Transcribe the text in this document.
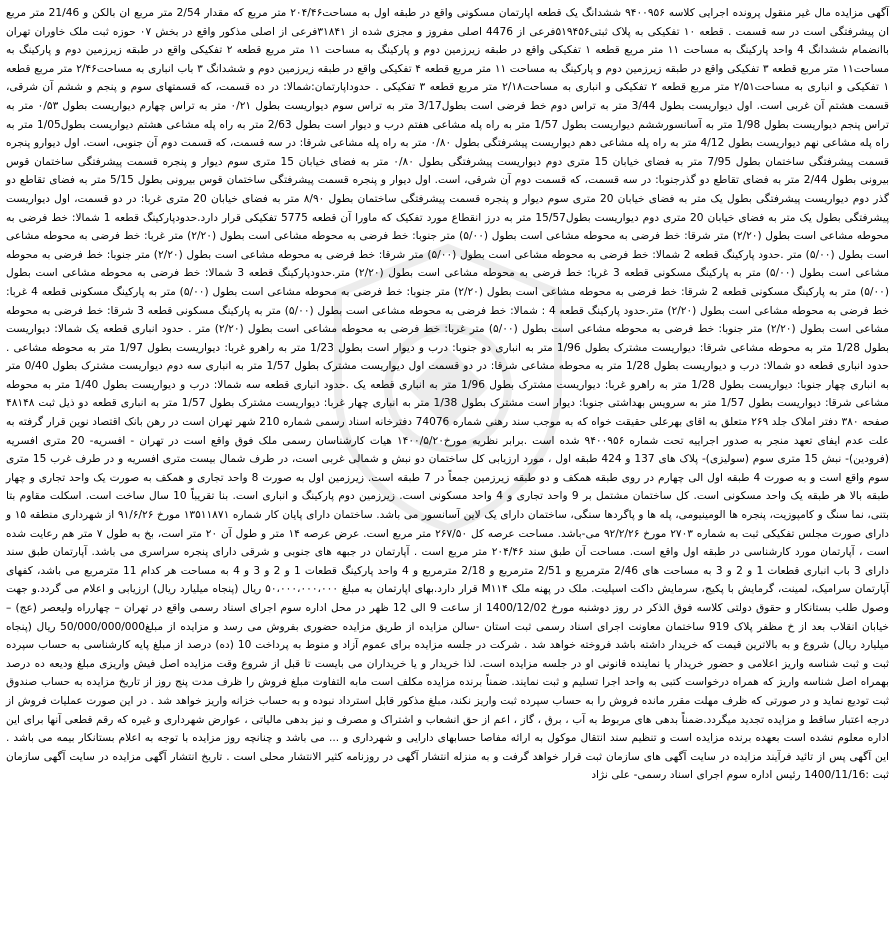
آگهی مزایده مال غیر منقول پرونده اجرایی کلاسه ۹۴۰۰۹۵۶ ششدانگ یک قطعه اپارتمان مسکونی واقع در طبقه اول به مساحت۲۰۴/۴۶ متر مربع که مقدار 2/54 متر مربع ان بالکن و 21/46 متر مربع ان پیشرفتگی است در سه قسمت . قطعه ۱۰ تفکیکی به پلاک ثبتی۵۱۹۴۵۶فرعی از 4476 اصلی مفروز و مجزی شده از ۳۱۸۴۱فرعی از اصلی مذکور واقع در بخش ۰۷ حوزه ثبت ملک خاوران تهران باانضمام ششدانگ 4 واحد پارکینگ به مساحت ۱۱ متر مربع قطعه ۱ تفکیکی واقع در طبقه زیرزمین دوم و پارکینگ به مساحت ۱۱ متر مربع قطعه ۲ تفکیکی واقع در طبقه زیرزمین دوم و پارکینگ به مساحت۱۱ متر مربع قطعه ۳ تفکیکی واقع در طبقه زیرزمین دوم و پارکینگ به مساحت ۱۱ متر مربع قطعه ۴ تفکیکی واقع در طبقه زیرزمین دوم و ششدانگ ۳ باب انباری به مساحت۲/۴۶ متر مربع قطعه ۱ تفکیکی و انباری به مساحت۲/۵۱ متر مربع قطعه ۲ تفکیکی و انباری به مساحت۲/۱۸ متر مربع قطعه ۳ تفکیکی . حدوداپارتمان:شمالا: در ده قسمت، که قسمتهای سوم و پنجم و ششم آن شرقی، قسمت هشتم آن غربی است. اول دیواریست بطول 3/44 متر به تراس دوم خط فرضی است بطول3/17 متر به تراس سوم دیواریست بطول ۰/۲۱ متر به تراس چهارم دیواریست بطول ۰/۵۳ متر به تراس پنجم دیواریست بطول 1/98 متر به آسانسورششم دیواریست بطول 1/57 متر به راه پله مشاعی هفتم درب و دیوار است بطول 2/63 متر به راه پله مشاعی هشتم دیواریست بطول1/05 متر به راه پله مشاعی نهم دیواریست بطول 4/12 متر به راه پله مشاعی دهم دیواریست پیشرفتگی بطول ۰/۸۰ متر به راه پله مشاعی شرقا: در سه قسمت، که قسمت دوم آن جنوبی، است. اول دیوارو پنجره قسمت پیشرفتگی ساختمان بطول 7/95 متر به فضای خیابان 15 متری دوم دیواریست پیشرفتگی بطول ۰/۸۰ متر به فضای خیابان 15 متری سوم دیوار و پنجره قسمت پیشرفتگی ساختمان قوس بیرونی بطول 2/44 متر به فضای تقاطع دو گذرجنوبا: در سه قسمت، که قسمت دوم آن شرقی، است. اول دیوار و پنجره قسمت پیشرفتگی ساختمان قوس بیرونی بطول 5/15 متر به فضای تقاطع دو گذر دوم دیواریست پیشرفتگی بطول یک متر به فضای خیابان 20 متری سوم دیوار و پنجره قسمت پیشرفتگی ساختمان بطول ۸/۹۰ متر به فضای خیابان 20 متری غربا: در دو قسمت، اول دیواریست پیشرفتگی بطول یک متر به فضای خیابان 20 متری دوم دیواریست بطول15/57 متر به درز انقطاع مورد تفکیک که ماورا آن قطعه 5775 تفکیکی قرار دارد.حدودپارکینگ قطعه 1 شمالا: خط فرضی به محوطه مشاعی است بطول (۲/۲۰) متر شرقا: خط فرضی به محوطه مشاعی است بطول (۵/۰۰) متر جنوبا: خط فرضی به محوطه مشاعی است بطول (۲/۲۰) متر غربا: خط فرضی به محوطه مشاعی است بطول (۵/۰۰) متر .حدود پارکینگ قطعه 2 شمالا: خط فرضی به محوطه مشاعی است بطول (۵/۰۰) متر شرقا: خط فرضی به محوطه مشاعی است بطول (۲/۲۰) متر جنوبا: خط فرضی به محوطه مشاعی است بطول (۵/۰۰) متر به پارکینگ مسکونی قطعه 3 غربا: خط فرضی به محوطه مشاعی است بطول (۲/۲۰) متر.حدودپارکینگ قطعه 3 شمالا: خط فرضی به محوطه مشاعی است بطول (۵/۰۰) متر به پارکینگ مسکونی قطعه 2 شرقا: خط فرضی به محوطه مشاعی است بطول (۲/۲۰) متر جنوبا: خط فرضی به محوطه مشاعی است بطول (۵/۰۰) متر به پارکینگ مسکونی قطعه 4 غربا: خط فرضی به محوطه مشاعی است بطول (۲/۲۰) متر.حدود پارکینگ قطعه 4 : شمالا: خط فرضی به محوطه مشاعی است بطول (۵/۰۰) متر به پارکینگ مسکونی قطعه 3 شرقا: خط فرضی به محوطه مشاعی است بطول (۲/۲۰) متر جنوبا: خط فرضی به محوطه مشاعی است بطول (۵/۰۰) متر غربا: خط فرضی به محوطه مشاعی است بطول (۲/۲۰) متر . حدود انباری قطعه یک شمالا: دیواریست بطول 1/28 متر به محوطه مشاعی شرقا: دیواریست مشترک بطول 1/96 متر به انباری دو جنوبا: درب و دیوار است بطول 1/23 متر به راهرو غربا: دیواریست بطول 1/97 متر به محوطه مشاعی . حدود انباری قطعه دو شمالا: درب و دیواریست بطول 1/28 متر به محوطه مشاعی شرقا: در دو قسمت اول دیواریست مشترک بطول 1/57 متر به انباری سه دوم دیواریست مشترک بطول 0/40 متر به انباری چهار جنوبا: دیواریست بطول 1/28 متر به راهرو غربا: دیواریست مشترک بطول 1/96 متر به انباری قطعه یک .حدود انباری قطعه سه شمالا: درب و دیواریست بطول 1/40 متر به محوطه مشاعی شرقا: دیواریست بطول 1/57 متر به سرویس بهداشتی جنوبا: دیوار است مشترک بطول 1/38 متر به انباری چهار غربا: دیواریست مشترک بطول 1/57 متر به انباری قطعه دو ذیل ثبت ۴۸۱۴۸ صفحه ۳۸۰ دفتر املاک جلد ۲۶۹ متعلق به اقای بهرعلی حقیقت خواه که به موجب سند رهنی شماره 74076 دفترخانه اسناد رسمی شماره 210 شهر تهران است در رهن بانک اقتصاد نوین قرار گرفته به علت عدم ایفای تعهد منجر به صدور اجراییه تحت شماره ۹۴۰۰۹۵۶ شده است .برابر نظریه مورخ۱۴۰۰/۵/۲۰ هیات کارشناسان رسمی ملک فوق واقع است در تهران - افسریه- 20 متری افسریه (فرودین)- نبش 15 متری سوم (سولیزی)- پلاک های 137 و 424 طبقه اول ، مورد ارزیابی کل ساختمان دو نبش و شمالی غربی است، در طرف شمال بیست متری افسریه و در طرف غرب 15 متری سوم واقع است و به صورت 4 طبقه اول الی چهارم در روی طبقه همکف و دو طبقه زیرزمین جمعاً در 7 طبقه است. زیرزمین اول به صورت 8 واحد تجاری و همکف به صورت یک واحد تجاری و چهار طبقه بالا هر طبقه یک واحد مسکونی است. کل ساختمان مشتمل بر 9 واحد تجاری و 4 واحد مسکونی است. زیرزمین دوم پارکینگ و انباری است. بنا تقریباً 10 سال ساخت است. اسکلت مقاوم بتا بتنی، نما سنگ و کامپوزیت، پنجره ها الومینیومی، پله ها و پاگردها سنگی، ساختمان دارای یک لاین آسانسور می باشد. ساختمان دارای پایان کار شماره ۱۳۵۱۱۸۷۱ مورخ ۹۱/۶/۲۶ از شهرداری منطقه ۱۵ و دارای صورت مجلس تفکیکی ثبت به شماره ۲۷۰۳ مورخ ۹۲/۲/۲۶ می-باشد. مساحت عرصه کل ۲۶۷/۵۰ متر مربع است. عرض عرصه ۱۴ متر و طول آن ۲۰ متر است، بخ به طول ۷ متر هم رعایت شده است ، آپارتمان مورد کارشناسی در طبقه اول واقع است. مساحت آن طبق سند ۲۰۴/۴۶ متر مربع است . آپارتمان در جبهه های جنوبی و شرقی دارای پنجره سراسری می باشد. آپارتمان طبق سند دارای 3 باب انباری قطعات 1 و 2 و 3 به مساحت های 2/46 مترمربع و 2/51 مترمربع و 2/18 مترمربع و 4 واحد پارکینگ قطعات 1 و 2 و 3 و 4 به مساحت هر کدام 11 مترمربع می باشد، کفهای آپارتمان سرامیک، لمینت، گرمایش با پکیج، سرمایش داکت اسپلیت. ملک در پهنه ملک M۱۱۴ قرار دارد.بهای اپارتمان به مبلغ ۵۰،۰۰۰،۰۰۰،۰۰۰ ریال (پنجاه میلیارد ریال) ارزیابی و اعلام می گردد.و جهت وصول طلب بستانکار و حقوق دولتی کلاسه فوق الذکر در روز دوشنبه مورخ 1400/12/02 از ساعت 9 الی 12 ظهر در محل اداره سوم اجرای اسناد رسمی واقع در تهران – چهارراه ولیعصر (عج) – خیابان انقلاب بعد از خ مظفر پلاک 919 ساختمان معاونت اجرای اسناد رسمی ثبت استان -سالن مزایده از طریق مزایده حضوری بفروش می رسد و مزایده از مبلغ50/000/000/000 ریال (پنجاه میلیارد ریال) شروع و به بالاترین قیمت که خریدار داشته باشد فروخته خواهد شد . شرکت در جلسه مزایده برای عموم آزاد و منوط به پرداخت 10 (ده) درصد از مبلغ پایه کارشناسی به حساب سپرده ثبت و ثبت شناسه واریز اعلامی و حضور خریدار یا نماینده قانونی او در جلسه مزایده است. لذا خریدار و یا خریداران می بایست تا قبل از شروع وقت مزایده اصل فیش واریزی مبلغ ودیعه ده درصد بهمراه اصل شناسه واریز که همراه درخواست کتبی به واحد اجرا تسلیم و ثبت نمایند. ضمناً برنده مزایده مکلف است مابه التفاوت مبلغ فروش را ظرف مدت پنج روز از تاریخ مزایده به حساب صندوق ثبت تودیع نماید و در صورتی که ظرف مهلت مقرر مانده فروش را به حساب سپرده ثبت واریز نکند، مبلغ مذکور قابل استرداد نبوده و به حساب خزانه واریز خواهد شد . در این صورت عملیات فروش از درجه اعتبار ساقط و مزایده تجدید میگردد.ضمناً بدهی های مربوط به آب ، برق ، گاز ، اعم از حق انشعاب و اشتراک و مصرف و نیز بدهی مالیاتی ، عوارض شهرداری و غیره که رقم قطعی آنها برای این اداره معلوم نشده است بعهده برنده مزایده است و تنظیم سند انتقال موکول به ارائه مفاصا حسابهای دارایی و شهرداری و ... می باشد و چنانچه روز مزایده با توجه به اعلام بستانکار بیمه می باشد . این آگهی پس از تائید فرآیند مزایده در سایت آگهی های سازمان ثبت قرار خواهد گرفت و به منزله انتشار آگهی در روزنامه کثیر الانتشار محلی است . تاریخ انتشار آگهی مزایده در سایت آگهی سازمان ثبت :1400/11/16 رئیس اداره سوم اجرای اسناد رسمی- علی نژاد
